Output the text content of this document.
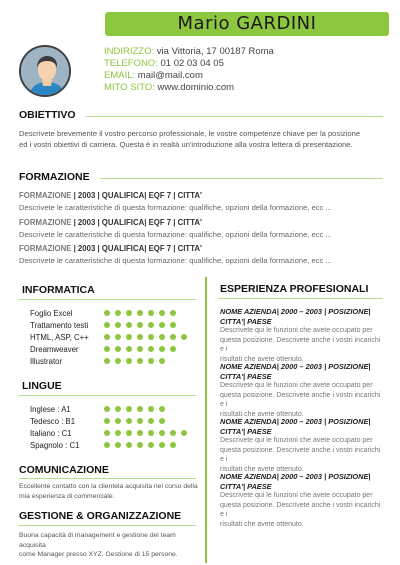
Mario GARDINI
INDIRIZZO: via Vittoria, 17 00187 Roma
TELEFONO: 01 02 03 04 05
EMAIL: mail@mail.com
MITO SITO: www.dominio.com
OBIETTIVO
Descrivete brevemente il vostro percorso professionale, le vostre competenze chiave per la posizione
ed i vostri obiettivi di carriera. Questa è in realtà un'introduzione alla vostra lettera di presentazione.
FORMAZIONE
FORMAZIONE | 2003 | QUALIFICA| EQF 7 | CITTA'
Descrivete le caratteristiche di questa formazione: qualifiche, opzioni della formazione, ecc ...
FORMAZIONE | 2003 | QUALIFICA| EQF 7 | CITTA'
Descrivete le caratteristiche di questa formazione: qualifiche, opzioni della formazione, ecc ...
FORMAZIONE | 2003 | QUALIFICA| EQF 7 | CITTA'
Descrivete le caratteristiche di questa formazione: qualifiche, opzioni della formazione, ecc ...
INFORMATICA
Foglio Excel
Trattamento testi
HTML, ASP, C++
Dreamweaver
Illustrator
LINGUE
Inglese : A1
Tedesco : B1
Italiano : C1
Spagnolo : C1
COMUNICAZIONE
Eccellente contatto con la clientela acquisita nel corso della
mia esperienza di commerciale.
GESTIONE & ORGANIZZAZIONE
Buona capacità di management e gestione del team acquisita
come Manager presso XYZ. Gestione di 15 persone.
ESPERIENZA PROFESIONALI
NOME AZIENDA| 2000 – 2003 | POSIZIONE|
CITTA'| PAESE
Descrivete qui le funzioni che avete occupato per
questa posizione. Descrivete anche i vostri incarichi e i
risultati che avete ottenuto.
NOME AZIENDA| 2000 – 2003 | POSIZIONE|
CITTA'| PAESE
Descrivete qui le funzioni che avete occupato per
questa posizione. Descrivete anche i vostri incarichi e i
risultati che avete ottenuto.
NOME AZIENDA| 2000 – 2003 | POSIZIONE|
CITTA'| PAESE
Descrivete qui le funzioni che avete occupato per
questa posizione. Descrivete anche i vostri incarichi e i
risultati che avete ottenuto.
NOME AZIENDA| 2000 – 2003 | POSIZIONE|
CITTA'| PAESE
Descrivete qui le funzioni che avete occupato per
questa posizione. Descrivete anche i vostri incarichi e i
risultati che avete ottenuto.
